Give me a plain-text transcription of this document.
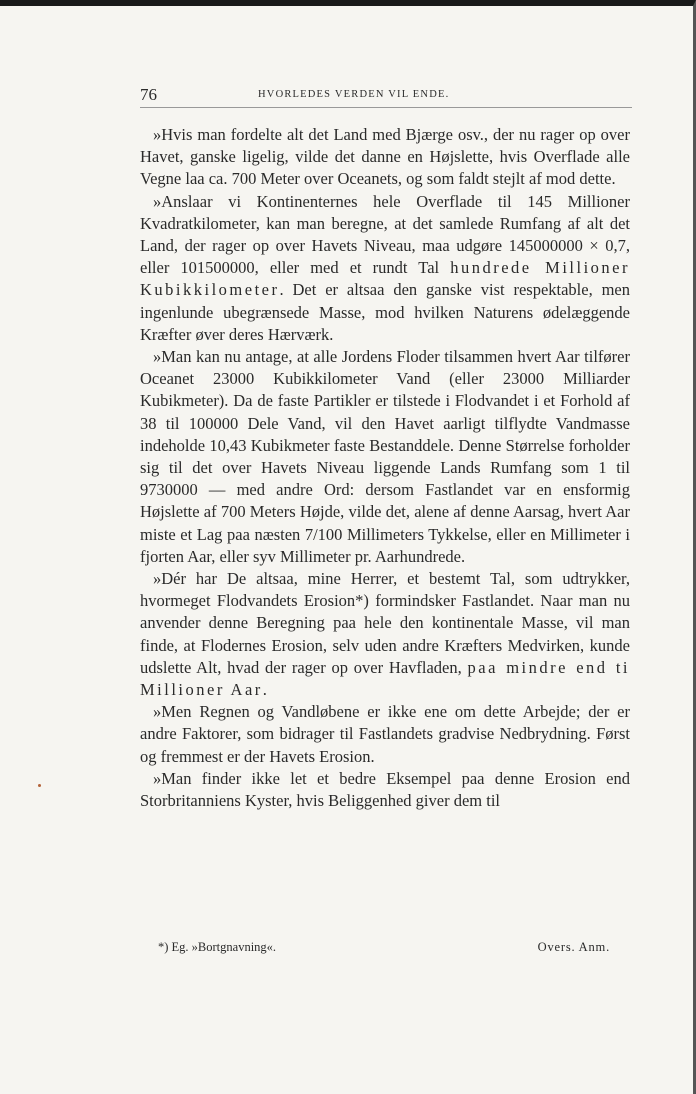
76	HVORLEDES VERDEN VIL ENDE.

»Hvis man fordelte alt det Land med Bjærge osv., der nu rager op over Havet, ganske ligelig, vilde det danne en Højslette, hvis Overflade alle Vegne laa ca. 700 Meter over Oceanets, og som faldt stejlt af mod dette.

»Anslaar vi Kontinenternes hele Overflade til 145 Millioner Kvadratkilometer, kan man beregne, at det samlede Rumfang af alt det Land, der rager op over Havets Niveau, maa udgøre 145000000 × 0,7, eller 101500000, eller med et rundt Tal hundrede Millioner Kubikkilometer. Det er altsaa den ganske vist respektable, men ingenlunde ubegrænsede Masse, mod hvilken Naturens ødelæggende Kræfter øver deres Hærværk.

»Man kan nu antage, at alle Jordens Floder tilsammen hvert Aar tilfører Oceanet 23000 Kubikkilometer Vand (eller 23000 Milliarder Kubikmeter). Da de faste Partikler er tilstede i Flodvandet i et Forhold af 38 til 100000 Dele Vand, vil den Havet aarligt tilflydte Vandmasse indeholde 10,43 Kubikmeter faste Bestanddele. Denne Størrelse forholder sig til det over Havets Niveau liggende Lands Rumfang som 1 til 9730000 — med andre Ord: dersom Fastlandet var en ensformig Højslette af 700 Meters Højde, vilde det, alene af denne Aarsag, hvert Aar miste et Lag paa næsten 7/100 Millimeters Tykkelse, eller en Millimeter i fjorten Aar, eller syv Millimeter pr. Aarhundrede.

»Dér har De altsaa, mine Herrer, et bestemt Tal, som udtrykker, hvormeget Flodvandets Erosion*) formindsker Fastlandet. Naar man nu anvender denne Beregning paa hele den kontinentale Masse, vil man finde, at Flodernes Erosion, selv uden andre Kræfters Medvirken, kunde udslette Alt, hvad der rager op over Havfladen, paa mindre end ti Millioner Aar.

»Men Regnen og Vandløbene er ikke ene om dette Arbejde; der er andre Faktorer, som bidrager til Fastlandets gradvise Nedbrydning. Først og fremmest er der Havets Erosion.

»Man finder ikke let et bedre Eksempel paa denne Erosion end Storbritanniens Kyster, hvis Beliggenhed giver dem til

*) Eg. »Bortgnavning«.	Overs. Anm.
